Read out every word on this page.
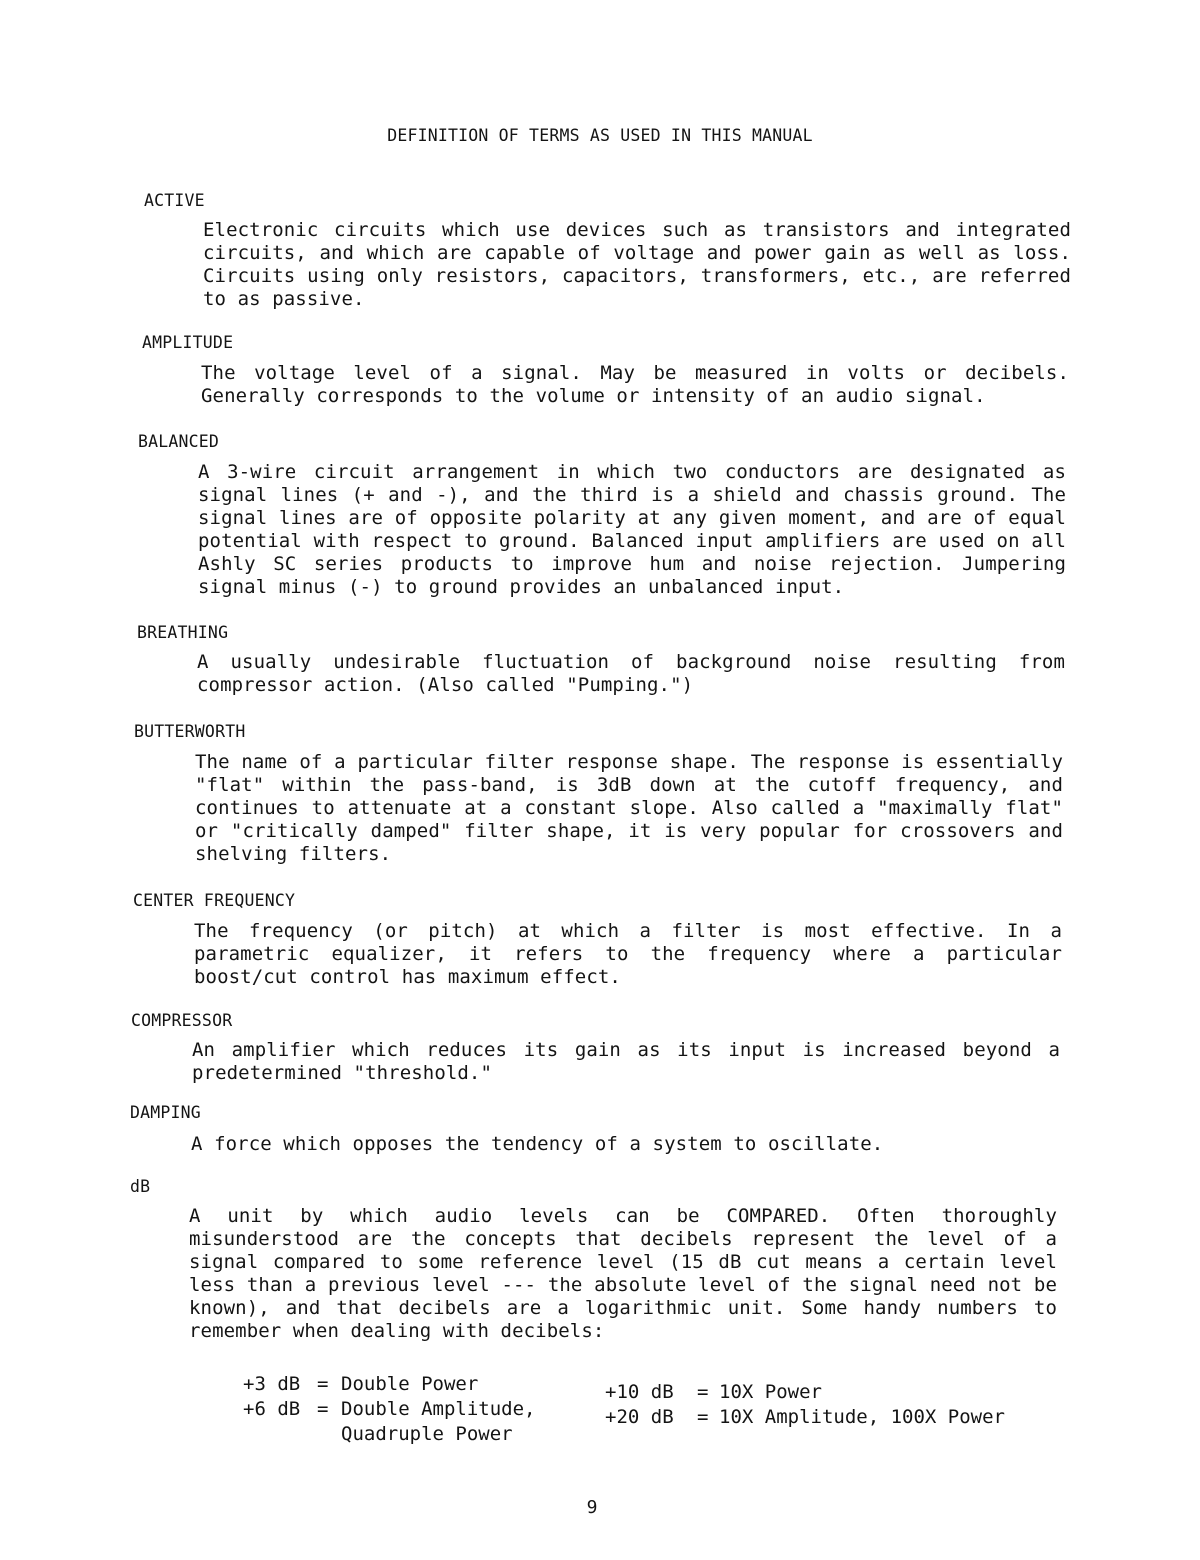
DEFINITION OF TERMS AS USED IN THIS MANUAL
ACTIVE
Electronic circuits which use devices such as transistors and integrated circuits, and which are capable of voltage and power gain as well as loss. Circuits using only resistors, capacitors, transformers, etc., are referred to as passive.
AMPLITUDE
The voltage level of a signal. May be measured in volts or decibels. Generally corresponds to the volume or intensity of an audio signal.
BALANCED
A 3-wire circuit arrangement in which two conductors are designated as signal lines (+ and -), and the third is a shield and chassis ground. The signal lines are of opposite polarity at any given moment, and are of equal potential with respect to ground. Balanced input amplifiers are used on all Ashly SC series products to improve hum and noise rejection. Jumpering signal minus (-) to ground provides an unbalanced input.
BREATHING
A usually undesirable fluctuation of background noise resulting from compressor action. (Also called "Pumping.")
BUTTERWORTH
The name of a particular filter response shape. The response is essentially "flat" within the pass-band, is 3dB down at the cutoff frequency, and continues to attenuate at a constant slope. Also called a "maximally flat" or "critically damped" filter shape, it is very popular for crossovers and shelving filters.
CENTER FREQUENCY
The frequency (or pitch) at which a filter is most effective. In a parametric equalizer, it refers to the frequency where a particular boost/cut control has maximum effect.
COMPRESSOR
An amplifier which reduces its gain as its input is increased beyond a predetermined "threshold."
DAMPING
A force which opposes the tendency of a system to oscillate.
dB
A unit by which audio levels can be COMPARED. Often thoroughly misunderstood are the concepts that decibels represent the level of a signal compared to some reference level (15 dB cut means a certain level less than a previous level --- the absolute level of the signal need not be known), and that decibels are a logarithmic unit. Some handy numbers to remember when dealing with decibels:
+3 dB = Double Power	+10 dB = 10X Power
+6 dB = Double Amplitude,	+20 dB = 10X Amplitude, 100X Power
Quadruple Power
9
